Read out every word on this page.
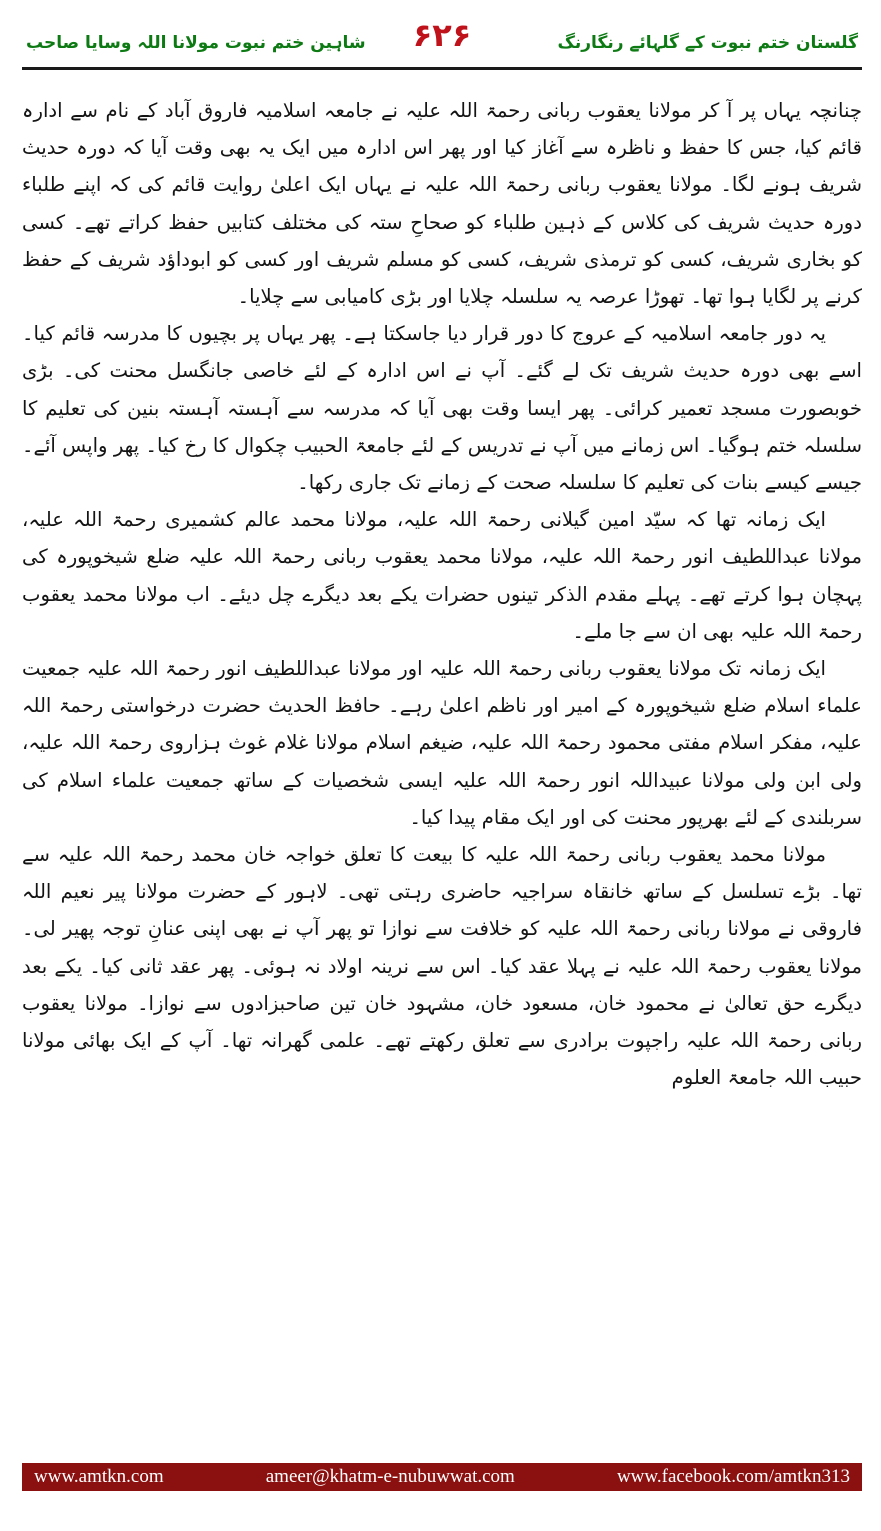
گلستان ختم نبوت کے گلہائے رنگارنگ
۶۲۶
شاہین ختم نبوت مولانا اللہ وسایا صاحب

چنانچہ یہاں پر آ کر مولانا یعقوب ربانی رحمۃ اللہ علیہ نے جامعہ اسلامیہ فاروق آباد کے نام سے ادارہ قائم کیا، جس کا حفظ و ناظرہ سے آغاز کیا اور پھر اس ادارہ میں ایک یہ بھی وقت آیا کہ دورہ حدیث شریف ہونے لگا۔ مولانا یعقوب ربانی رحمۃ اللہ علیہ نے یہاں ایک اعلیٰ روایت قائم کی کہ اپنے طلباء دورہ حدیث شریف کی کلاس کے ذہین طلباء کو صحاحِ ستہ کی مختلف کتابیں حفظ کراتے تھے۔ کسی کو بخاری شریف، کسی کو ترمذی شریف، کسی کو مسلم شریف اور کسی کو ابوداؤد شریف کے حفظ کرنے پر لگایا ہوا تھا۔ تھوڑا عرصہ یہ سلسلہ چلایا اور بڑی کامیابی سے چلایا۔

یہ دور جامعہ اسلامیہ کے عروج کا دور قرار دیا جاسکتا ہے۔ پھر یہاں پر بچیوں کا مدرسہ قائم کیا۔ اسے بھی دورہ حدیث شریف تک لے گئے۔ آپ نے اس ادارہ کے لئے خاصی جانگسل محنت کی۔ بڑی خوبصورت مسجد تعمیر کرائی۔ پھر ایسا وقت بھی آیا کہ مدرسہ سے آہستہ آہستہ بنین کی تعلیم کا سلسلہ ختم ہوگیا۔ اس زمانے میں آپ نے تدریس کے لئے جامعۃ الحبیب چکوال کا رخ کیا۔ پھر واپس آئے۔ جیسے کیسے بنات کی تعلیم کا سلسلہ صحت کے زمانے تک جاری رکھا۔

ایک زمانہ تھا کہ سیّد امین گیلانی رحمۃ اللہ علیہ، مولانا محمد عالم کشمیری رحمۃ اللہ علیہ، مولانا عبداللطیف انور رحمۃ اللہ علیہ، مولانا محمد یعقوب ربانی رحمۃ اللہ علیہ ضلع شیخوپورہ کی پہچان ہوا کرتے تھے۔ پہلے مقدم الذکر تینوں حضرات یکے بعد دیگرے چل دیئے۔ اب مولانا محمد یعقوب رحمۃ اللہ علیہ بھی ان سے جا ملے۔

ایک زمانہ تک مولانا یعقوب ربانی رحمۃ اللہ علیہ اور مولانا عبداللطیف انور رحمۃ اللہ علیہ جمعیت علماء اسلام ضلع شیخوپورہ کے امیر اور ناظم اعلیٰ رہے۔ حافظ الحدیث حضرت درخواستی رحمۃ اللہ علیہ، مفکر اسلام مفتی محمود رحمۃ اللہ علیہ، ضیغم اسلام مولانا غلام غوث ہزاروی رحمۃ اللہ علیہ، ولی ابن ولی مولانا عبیداللہ انور رحمۃ اللہ علیہ ایسی شخصیات کے ساتھ جمعیت علماء اسلام کی سربلندی کے لئے بھرپور محنت کی اور ایک مقام پیدا کیا۔

مولانا محمد یعقوب ربانی رحمۃ اللہ علیہ کا بیعت کا تعلق خواجہ خان محمد رحمۃ اللہ علیہ سے تھا۔ بڑے تسلسل کے ساتھ خانقاہ سراجیہ حاضری رہتی تھی۔ لاہور کے حضرت مولانا پیر نعیم اللہ فاروقی نے مولانا ربانی رحمۃ اللہ علیہ کو خلافت سے نوازا تو پھر آپ نے بھی اپنی عنانِ توجہ پھیر لی۔ مولانا یعقوب رحمۃ اللہ علیہ نے پہلا عقد کیا۔ اس سے نرینہ اولاد نہ ہوئی۔ پھر عقد ثانی کیا۔ یکے بعد دیگرے حق تعالیٰ نے محمود خان، مسعود خان، مشہود خان تین صاحبزادوں سے نوازا۔ مولانا یعقوب ربانی رحمۃ اللہ علیہ راجپوت برادری سے تعلق رکھتے تھے۔ علمی گھرانہ تھا۔ آپ کے ایک بھائی مولانا حبیب اللہ جامعۃ العلوم

www.amtkn.com	ameer@khatm-e-nubuwwat.com	www.facebook.com/amtkn313
